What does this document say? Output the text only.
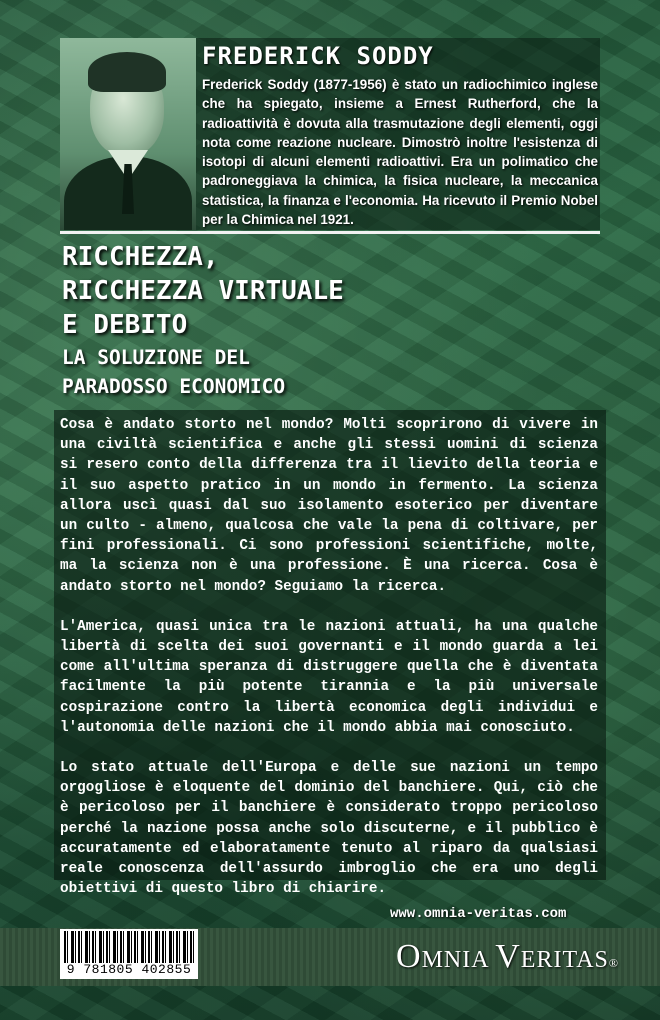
FREDERICK SODDY

Frederick Soddy (1877-1956) è stato un radiochimico inglese che ha spiegato, insieme a Ernest Rutherford, che la radioattività è dovuta alla trasmutazione degli elementi, oggi nota come reazione nucleare. Dimostrò inoltre l'esistenza di isotopi di alcuni elementi radioattivi. Era un polimatico che padroneggiava la chimica, la fisica nucleare, la meccanica statistica, la finanza e l'economia. Ha ricevuto il Premio Nobel per la Chimica nel 1921.

RICCHEZZA,
RICCHEZZA VIRTUALE
E DEBITO
LA SOLUZIONE DEL
PARADOSSO ECONOMICO

Cosa è andato storto nel mondo? Molti scoprirono di vivere in una civiltà scientifica e anche gli stessi uomini di scienza si resero conto della differenza tra il lievito della teoria e il suo aspetto pratico in un mondo in fermento. La scienza allora uscì quasi dal suo isolamento esoterico per diventare un culto - almeno, qualcosa che vale la pena di coltivare, per fini professionali. Ci sono professioni scientifiche, molte, ma la scienza non è una professione. È una ricerca. Cosa è andato storto nel mondo? Seguiamo la ricerca.

L'America, quasi unica tra le nazioni attuali, ha una qualche libertà di scelta dei suoi governanti e il mondo guarda a lei come all'ultima speranza di distruggere quella che è diventata facilmente la più potente tirannia e la più universale cospirazione contro la libertà economica degli individui e l'autonomia delle nazioni che il mondo abbia mai conosciuto.

Lo stato attuale dell'Europa e delle sue nazioni un tempo orgogliose è eloquente del dominio del banchiere. Qui, ciò che è pericoloso per il banchiere è considerato troppo pericoloso perché la nazione possa anche solo discuterne, e il pubblico è accuratamente ed elaboratamente tenuto al riparo da qualsiasi reale conoscenza dell'assurdo imbroglio che era uno degli obiettivi di questo libro di chiarire.

www.omnia-veritas.com

9 781805 402855	OMNIA VERITAS®
